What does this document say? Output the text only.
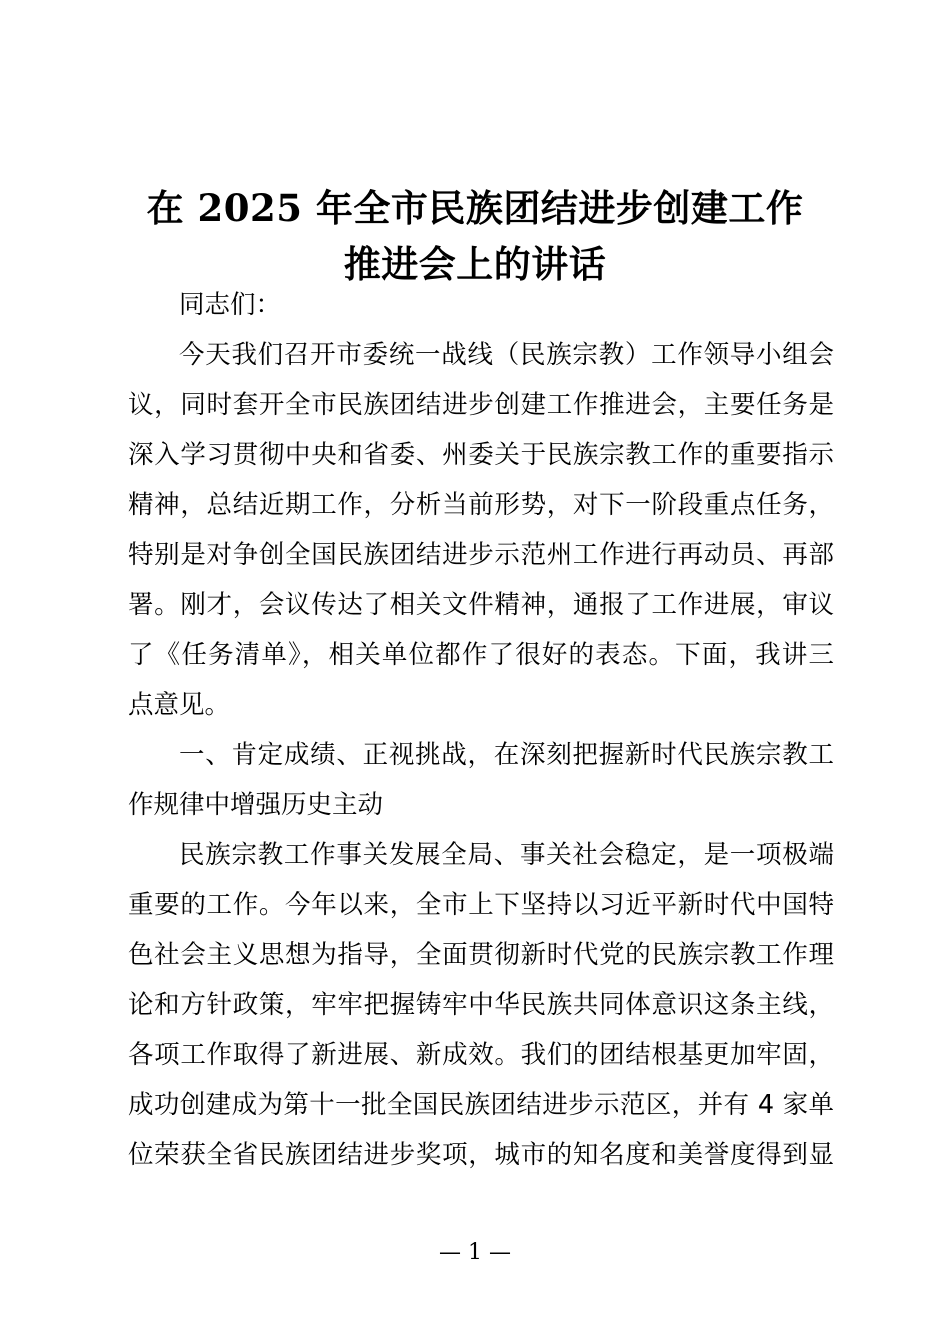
在 2025 年全市民族团结进步创建工作
推进会上的讲话
同志们：
今天我们召开市委统一战线（民族宗教）工作领导小组会
议，同时套开全市民族团结进步创建工作推进会，主要任务是
深入学习贯彻中央和省委、州委关于民族宗教工作的重要指示
精神，总结近期工作，分析当前形势，对下一阶段重点任务，
特别是对争创全国民族团结进步示范州工作进行再动员、再部
署。刚才，会议传达了相关文件精神，通报了工作进展，审议
了《任务清单》，相关单位都作了很好的表态。下面，我讲三
点意见。
一、肯定成绩、正视挑战，在深刻把握新时代民族宗教工
作规律中增强历史主动
民族宗教工作事关发展全局、事关社会稳定，是一项极端
重要的工作。今年以来，全市上下坚持以习近平新时代中国特
色社会主义思想为指导，全面贯彻新时代党的民族宗教工作理
论和方针政策，牢牢把握铸牢中华民族共同体意识这条主线，
各项工作取得了新进展、新成效。我们的团结根基更加牢固，
成功创建成为第十一批全国民族团结进步示范区，并有 4 家单
位荣获全省民族团结进步奖项，城市的知名度和美誉度得到显
— 1 —
